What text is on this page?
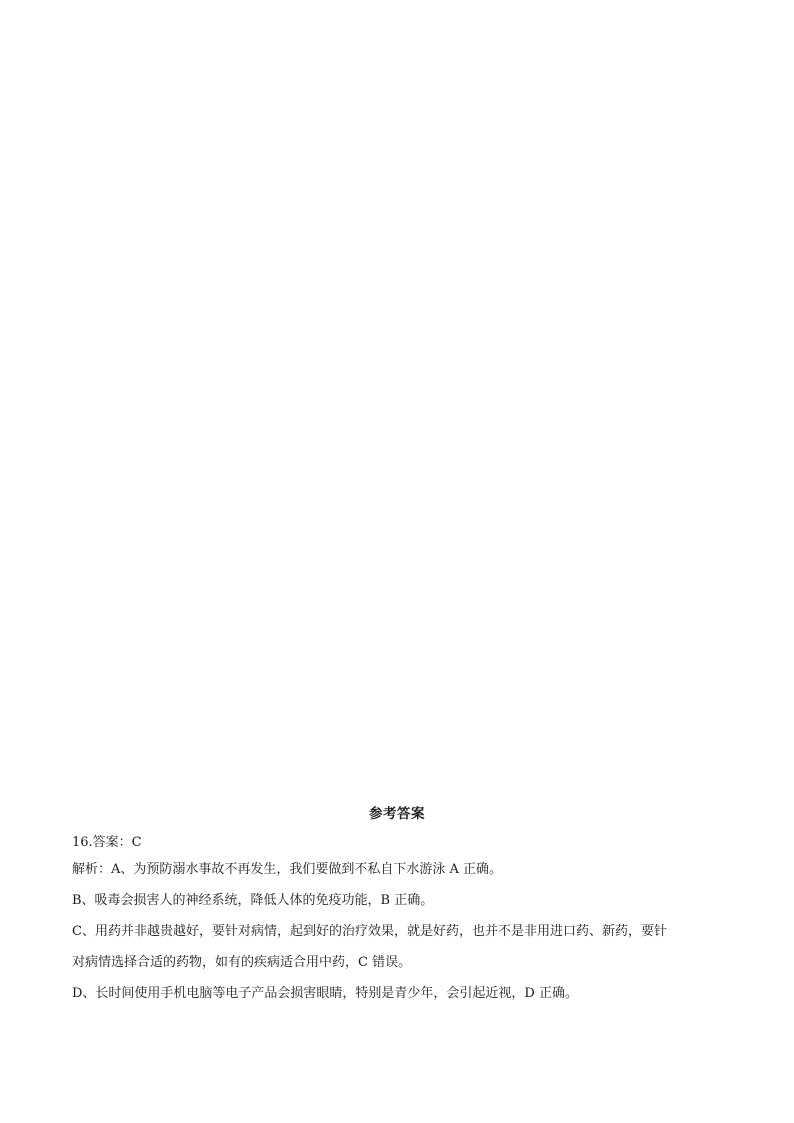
参考答案

16.答案：C

解析：A、为预防溺水事故不再发生，我们要做到不私自下水游泳 A 正确。

B、吸毒会损害人的神经系统，降低人体的免疫功能，B 正确。

C、用药并非越贵越好，要针对病情，起到好的治疗效果，就是好药，也并不是非用进口药、新药，要针

对病情选择合适的药物，如有的疾病适合用中药，C 错误。

D、长时间使用手机电脑等电子产品会损害眼睛，特别是青少年，会引起近视，D 正确。
